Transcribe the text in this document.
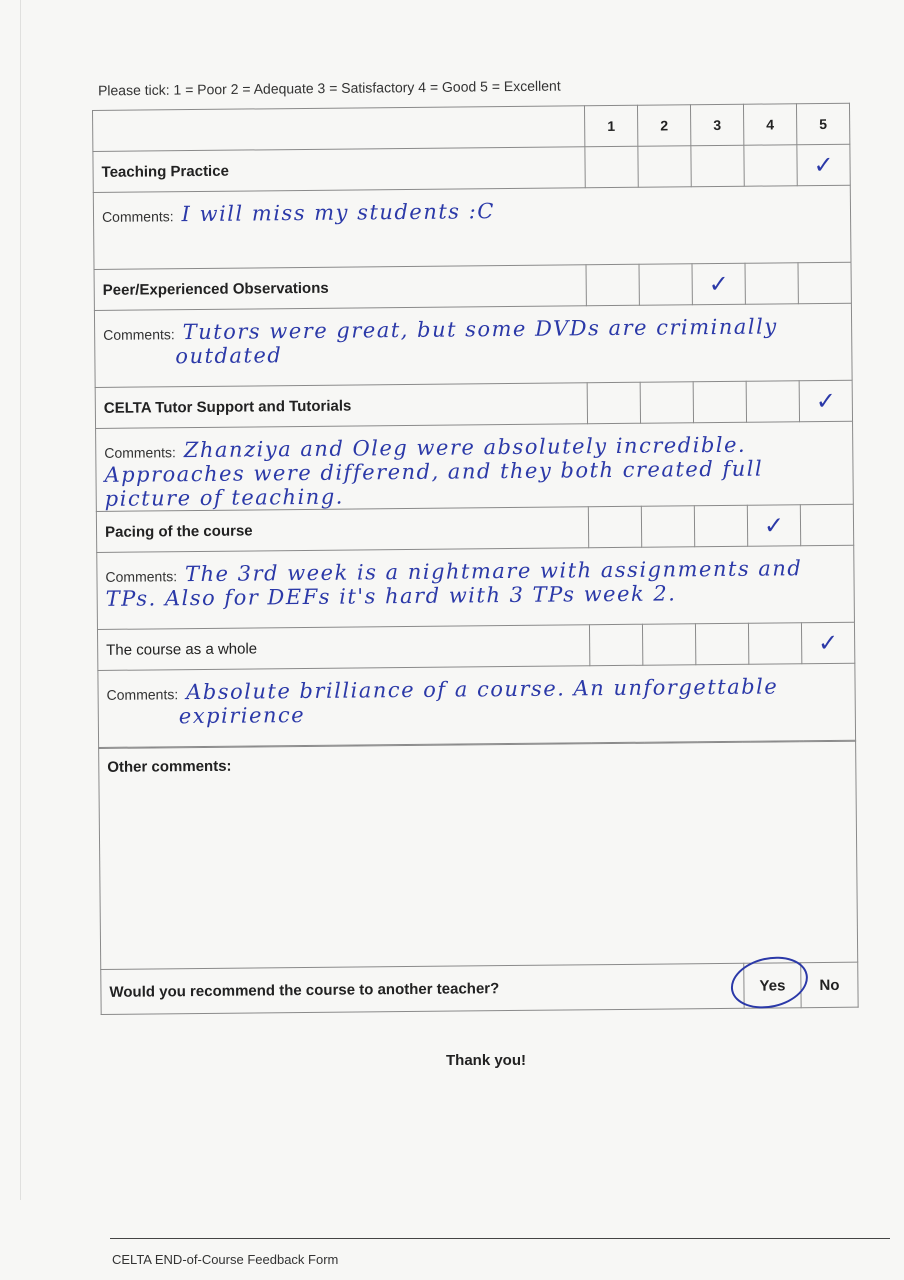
Please tick: 1 = Poor 2 = Adequate 3 = Satisfactory 4 = Good 5 = Excellent
	1	2	3	4	5
Teaching Practice					✓
Comments: I will miss my students :C					
Peer/Experienced Observations			✓		
Comments: Tutors were great, but some DVDs are criminally
outdated					
CELTA Tutor Support and Tutorials					✓
Comments: Zhanziya and Oleg were absolutely incredible.
Approaches were differend, and they both created full picture of teaching.					
Pacing of the course				✓	
Comments: The 3rd week is a nightmare with assignments and
TPs. Also for DEFs it's hard with 3 TPs week 2.					
The course as a whole					✓
Comments: Absolute brilliance of a course. An unforgettable
expirience					
Other comments:
Would you recommend the course to another teacher?	Yes	No
Thank you!
CELTA END-of-Course Feedback Form
